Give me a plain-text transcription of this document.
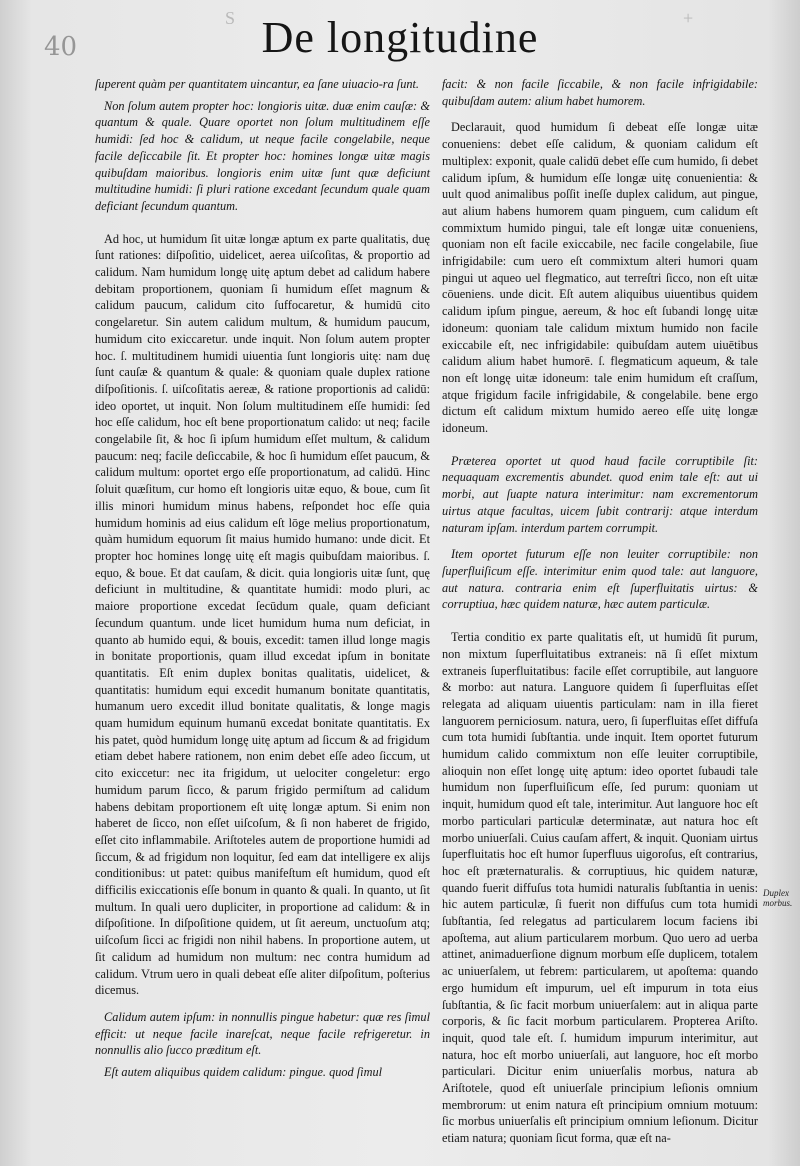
40
S	+
De longitudine

ſuperent quàm per quantitatem uincantur, ea ſane uiuacio-ra ſunt.

Non ſolum autem propter hoc: longioris uitæ. duæ enim cauſæ: & quantum & quale. Quare oportet non ſolum multitudinem eſſe humidi: ſed hoc & calidum, ut neque facile congelabile, neque facile deſiccabile ſit. Et propter hoc: homines longæ uitæ magis quibuſdam maioribus. longioris enim uitæ ſunt quæ deficiunt multitudine humidi: ſi pluri ratione excedant ſecundum quale quam deficiant ſecundum quantum.

Ad hoc, ut humidum ſit uitæ longæ aptum ex parte qualitatis, duę ſunt rationes: diſpoſitio, uidelicet, aerea uiſcoſitas, & proportio ad calidum. Nam humidum longę uitę aptum debet ad calidum habere debitam proportionem, quoniam ſi humidum eſſet magnum & calidum paucum, calidum cito ſuffocaretur, & humidū cito congelaretur. Sin autem calidum multum, & humidum paucum, humidum cito exiccaretur. unde inquit. Non ſolum autem propter hoc. ſ. multitudinem humidi uiuentia ſunt longioris uitę: nam duę ſunt cauſæ & quantum & quale: & quoniam quale duplex ratione diſpoſitionis. ſ. uiſcoſitatis aereæ, & ratione proportionis ad calidū: ideo oportet, ut inquit. Non ſolum multitudinem eſſe humidi: ſed hoc eſſe calidum, hoc eſt bene proportionatum calido: ut neq; facile congelabile ſit, & hoc ſi ipſum humidum eſſet multum, & calidum paucum: neq; facile deſiccabile, & hoc ſi humidum eſſet paucum, & calidum multum: oportet ergo eſſe proportionatum, ad calidū. Hinc ſoluit quæſitum, cur homo eſt longioris uitæ equo, & boue, cum ſit illis minori humidum minus habens, reſpondet hoc eſſe quia humidum hominis ad eius calidum eſt lōge melius proportionatum, quàm humidum equorum ſit maius humido humano: unde dicit. Et propter hoc homines longę uitę eſt magis quibuſdam maioribus. ſ. equo, & boue. Et dat cauſam, & dicit. quia longioris uitæ ſunt, quę deficiunt in multitudine, & quantitate humidi: modo pluri, ac maiore proportione excedat ſecūdum quale, quam deficiant ſecundum quantum. unde licet humidum huma num deficiat, in quanto ab humido equi, & bouis, excedit: tamen illud longe magis in bonitate proportionis, quam illud excedat ipſum in bonitate quantitatis. Eſt enim duplex bonitas qualitatis, uidelicet, & quantitatis: humidum equi excedit humanum bonitate quantitatis, humanum uero excedit illud bonitate qualitatis, & longe magis quam humidum equinum humanū excedat bonitate quantitatis. Ex his patet, quòd humidum longę uitę aptum ad ſiccum & ad frigidum etiam debet habere rationem, non enim debet eſſe adeo ſiccum, ut cito exiccetur: nec ita frigidum, ut uelociter congeletur: ergo humidum parum ſicco, & parum frigido permiſtum ad calidum habens debitam proportionem eſt uitę longæ aptum. Si enim non haberet de ſicco, non eſſet uiſcoſum, & ſi non haberet de frigido, eſſet cito inflammabile. Ariſtoteles autem de proportione humidi ad ſiccum, & ad frigidum non loquitur, ſed eam dat intelligere ex alijs conditionibus: ut patet: quibus manifeſtum eſt humidum, quod eſt difficilis exiccationis eſſe bonum in quanto & quali. In quanto, ut ſit multum. In quali uero dupliciter, in proportione ad calidum: & in diſpoſitione. In diſpoſitione quidem, ut ſit aereum, unctuoſum atq; uiſcoſum ſicci ac frigidi non nihil habens. In proportione autem, ut ſit calidum ad humidum non multum: nec contra humidum ad calidum. Vtrum uero in quali debeat eſſe aliter diſpoſitum, poſterius dicemus.

Calidum autem ipſum: in nonnullis pingue habetur: quæ res ſimul efficit: ut neque facile inareſcat, neque facile refrigeretur. in nonnullis alio ſucco præditum eſt.

Eſt autem aliquibus quidem calidum: pingue. quod ſimul

facit: & non facile ſiccabile, & non facile infrigidabile: quibuſdam autem: alium habet humorem.

Declarauit, quod humidum ſi debeat eſſe longæ uitæ conueniens: debet eſſe calidum, & quoniam calidum eſt multiplex: exponit, quale calidū debet eſſe cum humido, ſi debet calidum ipſum, & humidum eſſe longæ uitę conuenientia: & uult quod animalibus poſſit ineſſe duplex calidum, aut pingue, aut alium habens humorem quam pinguem, cum calidum eſt commixtum humido pingui, tale eſt longæ uitæ conueniens, quoniam non eſt facile exiccabile, nec facile congelabile, ſiue infrigidabile: cum uero eſt commixtum alteri humori quam pingui ut aqueo uel flegmatico, aut terreſtri ſicco, non eſt uitæ cōueniens. unde dicit. Eſt autem aliquibus uiuentibus quidem calidum ipſum pingue, aereum, & hoc eſt ſubandi longę uitæ idoneum: quoniam tale calidum mixtum humido non facile exiccabile eſt, nec infrigidabile: quibuſdam autem uiuētibus calidum alium habet humorē. ſ. flegmaticum aqueum, & tale non eſt longę uitæ idoneum: tale enim humidum eſt craſſum, atque frigidum facile infrigidabile, & congelabile. bene ergo dictum eſt calidum mixtum humido aereo eſſe uitę longæ idoneum.

Præterea oportet ut quod haud facile corruptibile ſit: nequaquam excrementis abundet. quod enim tale eſt: aut ui morbi, aut ſuapte natura interimitur: nam excrementorum uirtus atque facultas, uicem ſubit contrarij: atque interdum naturam ipſam. interdum partem corrumpit.

Item oportet futurum eſſe non leuiter corruptibile: non ſuperfluiſicum eſſe. interimitur enim quod tale: aut languore, aut natura. contraria enim eſt ſuperfluitatis uirtus: & corruptiua, hæc quidem naturæ, hæc autem particulæ.

Tertia conditio ex parte qualitatis eſt, ut humidū ſit purum, non mixtum ſuperfluitatibus extraneis: nā ſi eſſet mixtum extraneis ſuperfluitatibus: facile eſſet corruptibile, aut languore & morbo: aut natura. Languore quidem ſi ſuperfluitas eſſet relegata ad aliquam uiuentis particulam: nam in illa fieret languorem perniciosum. natura, uero, ſi ſuperfluitas eſſet diffuſa cum tota humidi ſubſtantia. unde inquit. Item oportet futurum humidum calido commixtum non eſſe leuiter corruptibile, alioquin non eſſet longę uitę aptum: ideo oportet ſubaudi tale humidum non ſuperfluiſicum eſſe, ſed purum: quoniam ut inquit, humidum quod eſt tale, interimitur. Aut languore hoc eſt morbo particulari particulæ determinatæ, aut natura hoc eſt morbo uniuerſali. Cuius cauſam affert, & inquit. Quoniam uirtus ſuperfluitatis hoc eſt humor ſuperfluus uigoroſus, eſt contrarius, hoc eſt præternaturalis. & corruptiuus, hic quidem naturæ, quando fuerit diffuſus tota humidi naturalis ſubſtantia in uenis: hic autem particulæ, ſi fuerit non diffuſus cum tota humidi ſubſtantia, ſed relegatus ad particularem locum faciens ibi apoſtema, aut alium particularem morbum. Quo uero ad uerba attinet, animaduerſione dignum morbum eſſe duplicem, totalem ac uniuerſalem, ut febrem: particularem, ut apoſtema: quando ergo humidum eſt impurum, uel eſt impurum in tota eius ſubſtantia, & ſic facit morbum uniuerſalem: aut in aliqua parte corporis, & ſic facit morbum particularem. Propterea Ariſto. inquit, quod tale eſt. ſ. humidum impurum interimitur, aut natura, hoc eſt morbo uniuerſali, aut languore, hoc eſt morbo particulari. Dicitur enim uniuerſalis morbus, natura ab Ariſtotele, quod eſt uniuerſale principium leſionis omnium membrorum: ut enim natura eſt principium omnium motuum: ſic morbus uniuerſalis eſt principium omnium leſionum. Dicitur etiam natura; quoniam ſicut forma, quæ eſt na-

Duplex morbus.
